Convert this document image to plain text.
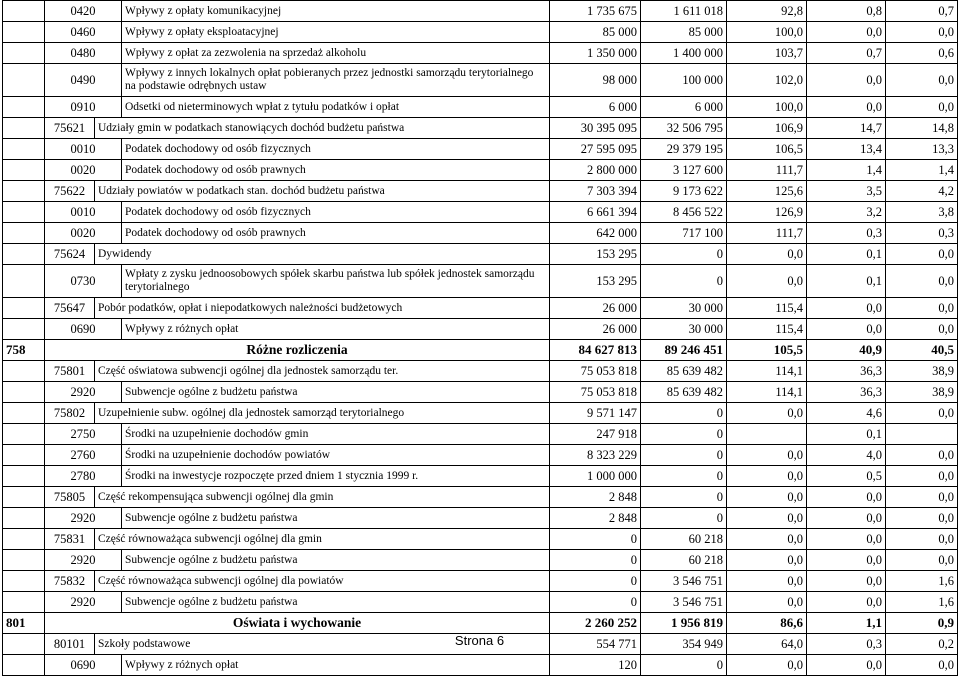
	0420		Wpływy z opłaty komunikacyjnej	1 735 675	1 611 018	92,8	0,8	0,7
	0460		Wpływy z opłaty eksploatacyjnej	85 000	85 000	100,0	0,0	0,0
	0480		Wpływy z opłat za zezwolenia na sprzedaż alkoholu	1 350 000	1 400 000	103,7	0,7	0,6
	0490		Wpływy z innych lokalnych opłat pobieranych przez jednostki samorządu terytorialnego na podstawie odrębnych ustaw	98 000	100 000	102,0	0,0	0,0
	0910		Odsetki od nieterminowych wpłat z tytułu podatków i opłat	6 000	6 000	100,0	0,0	0,0
	75621	Udziały gmin w podatkach stanowiących dochód budżetu państwa		30 395 095	32 506 795	106,9	14,7	14,8
	0010		Podatek dochodowy od osób fizycznych	27 595 095	29 379 195	106,5	13,4	13,3
	0020		Podatek dochodowy od osób prawnych	2 800 000	3 127 600	111,7	1,4	1,4
	75622	Udziały powiatów w podatkach stan. dochód budżetu państwa		7 303 394	9 173 622	125,6	3,5	4,2
	0010		Podatek dochodowy od osób fizycznych	6 661 394	8 456 522	126,9	3,2	3,8
	0020		Podatek dochodowy od osób prawnych	642 000	717 100	111,7	0,3	0,3
	75624	Dywidendy		153 295	0	0,0	0,1	0,0
	0730		Wpłaty z zysku jednoosobowych spółek skarbu państwa lub spółek jednostek samorządu terytorialnego	153 295	0	0,0	0,1	0,0
	75647	Pobór podatków, opłat i niepodatkowych należności budżetowych		26 000	30 000	115,4	0,0	0,0
	0690		Wpływy z różnych opłat	26 000	30 000	115,4	0,0	0,0
758	Różne rozliczenia			84 627 813	89 246 451	105,5	40,9	40,5
	75801	Część oświatowa subwencji ogólnej dla jednostek samorządu ter.		75 053 818	85 639 482	114,1	36,3	38,9
	2920		Subwencje ogólne z budżetu państwa	75 053 818	85 639 482	114,1	36,3	38,9
	75802	Uzupełnienie subw. ogólnej dla jednostek samorząd terytorialnego		9 571 147	0	0,0	4,6	0,0
	2750		Środki na uzupełnienie dochodów gmin	247 918	0		0,1	
	2760		Środki na uzupełnienie dochodów powiatów	8 323 229	0	0,0	4,0	0,0
	2780		Środki na inwestycje rozpoczęte przed dniem 1 stycznia 1999 r.	1 000 000	0	0,0	0,5	0,0
	75805	Część rekompensująca subwencji ogólnej dla gmin		2 848	0	0,0	0,0	0,0
	2920		Subwencje ogólne z budżetu państwa	2 848	0	0,0	0,0	0,0
	75831	Część równoważąca subwencji ogólnej dla gmin		0	60 218	0,0	0,0	0,0
	2920		Subwencje ogólne z budżetu państwa	0	60 218	0,0	0,0	0,0
	75832	Część równoważąca subwencji ogólnej dla powiatów		0	3 546 751	0,0	0,0	1,6
	2920		Subwencje ogólne z budżetu państwa	0	3 546 751	0,0	0,0	1,6
801	Oświata i wychowanie			2 260 252	1 956 819	86,6	1,1	0,9
	80101	Szkoły podstawowe		554 771	354 949	64,0	0,3	0,2
	0690		Wpływy z różnych opłat	120	0	0,0	0,0	0,0
Strona 6
